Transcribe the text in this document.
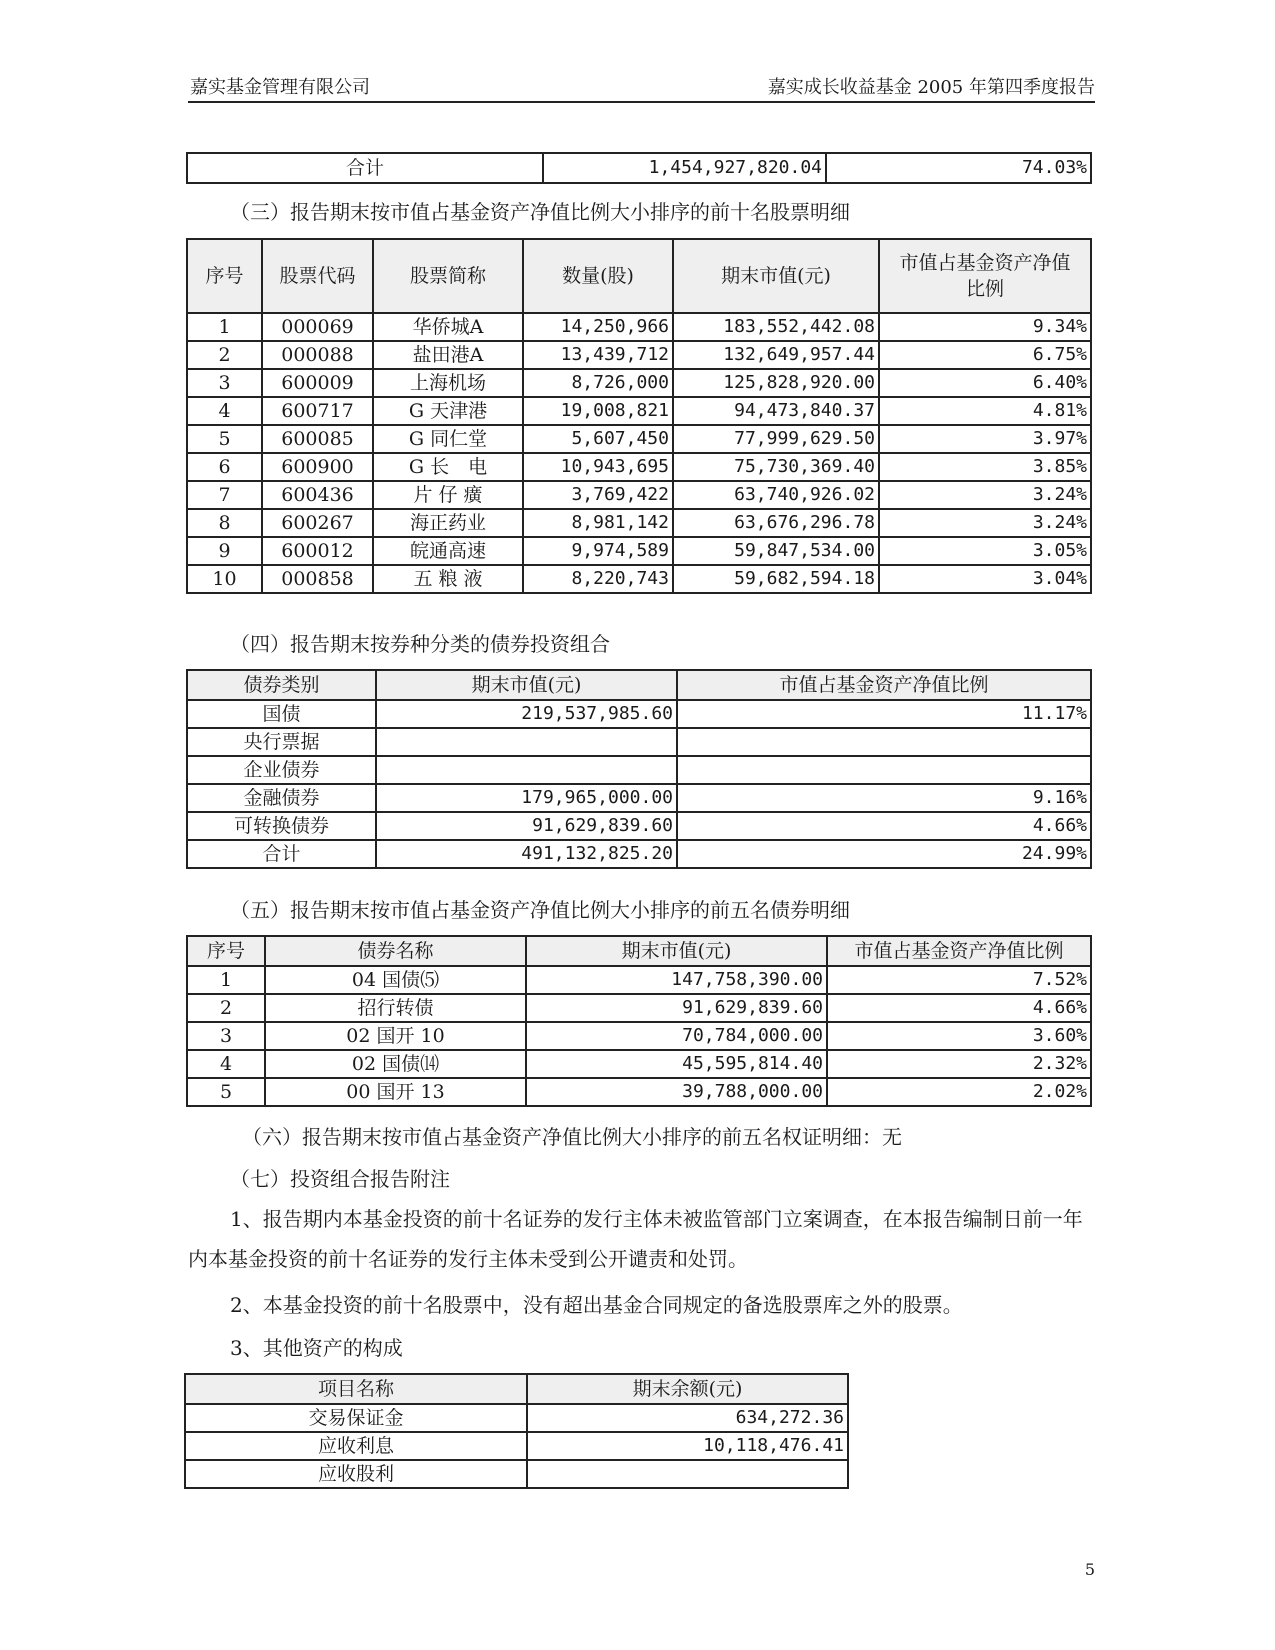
嘉实基金管理有限公司	嘉实成长收益基金 2005 年第四季度报告
合计	1,454,927,820.04	74.03%
（三）报告期末按市值占基金资产净值比例大小排序的前十名股票明细
序号	股票代码	股票简称	数量(股)	期末市值(元)	市值占基金资产净值比例
1	000069	华侨城A	14,250,966	183,552,442.08	9.34%
2	000088	盐田港A	13,439,712	132,649,957.44	6.75%
3	600009	上海机场	8,726,000	125,828,920.00	6.40%
4	600717	G 天津港	19,008,821	94,473,840.37	4.81%
5	600085	G 同仁堂	5,607,450	77,999,629.50	3.97%
6	600900	G 长　电	10,943,695	75,730,369.40	3.85%
7	600436	片 仔 癀	3,769,422	63,740,926.02	3.24%
8	600267	海正药业	8,981,142	63,676,296.78	3.24%
9	600012	皖通高速	9,974,589	59,847,534.00	3.05%
10	000858	五 粮 液	8,220,743	59,682,594.18	3.04%
（四）报告期末按券种分类的债券投资组合
债券类别	期末市值(元)	市值占基金资产净值比例
国债	219,537,985.60	11.17%
央行票据		
企业债券		
金融债券	179,965,000.00	9.16%
可转换债券	91,629,839.60	4.66%
合计	491,132,825.20	24.99%
（五）报告期末按市值占基金资产净值比例大小排序的前五名债券明细
序号	债券名称	期末市值(元)	市值占基金资产净值比例
1	04 国债⑸	147,758,390.00	7.52%
2	招行转债	91,629,839.60	4.66%
3	02 国开 10	70,784,000.00	3.60%
4	02 国债⒁	45,595,814.40	2.32%
5	00 国开 13	39,788,000.00	2.02%
（六）报告期末按市值占基金资产净值比例大小排序的前五名权证明细：无
（七）投资组合报告附注
1、报告期内本基金投资的前十名证券的发行主体未被监管部门立案调查，在本报告编制日前一年内本基金投资的前十名证券的发行主体未受到公开谴责和处罚。
2、本基金投资的前十名股票中，没有超出基金合同规定的备选股票库之外的股票。
3、其他资产的构成
项目名称	期末余额(元)
交易保证金	634,272.36
应收利息	10,118,476.41
应收股利	
5
